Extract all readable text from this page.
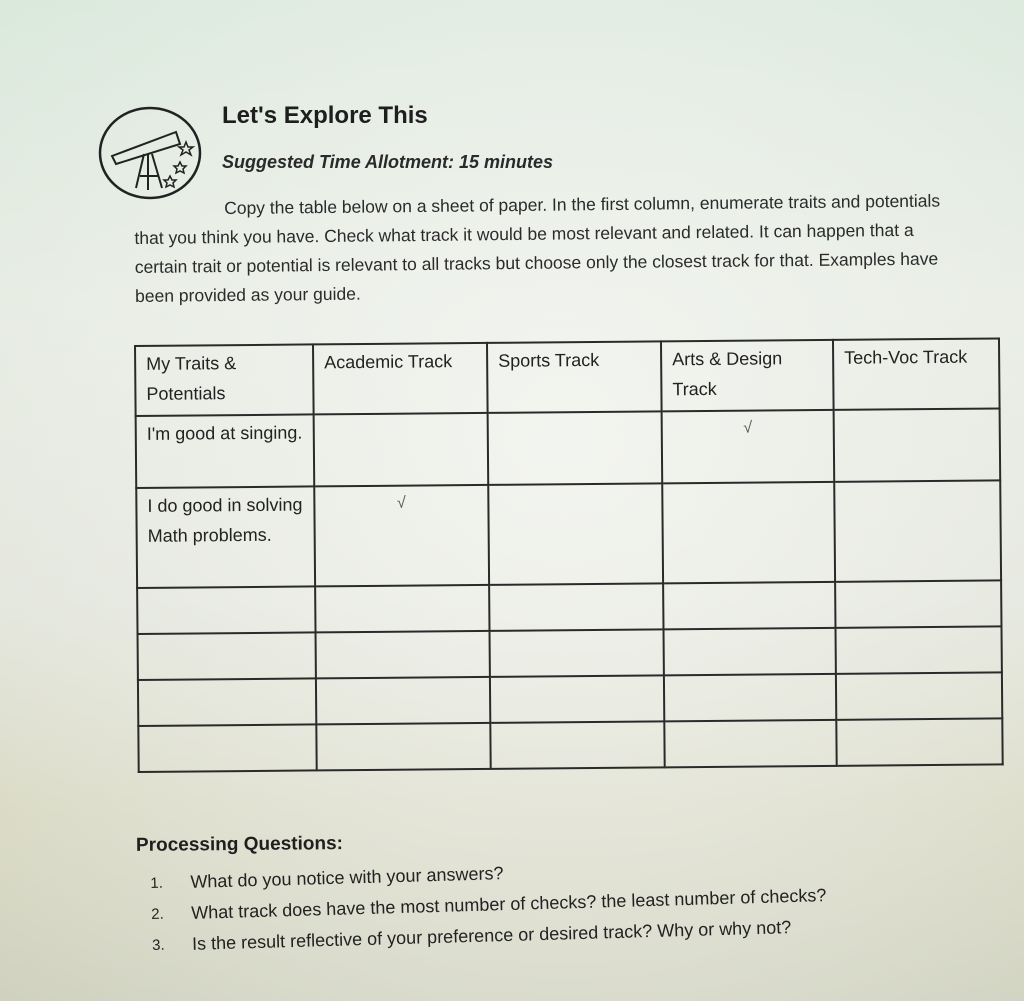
Let's Explore This
Suggested Time Allotment: 15 minutes
Copy the table below on a sheet of paper. In the first column, enumerate traits and potentials that you think you have. Check what track it would be most relevant and related. It can happen that a certain trait or potential is relevant to all tracks but choose only the closest track for that. Examples have been provided as your guide.
My Traits & Potentials	Academic Track	Sports Track	Arts & Design Track	Tech-Voc Track
I'm good at singing.			√	

I do good in solving Math problems.	√			

Processing Questions:
1.	What do you notice with your answers?
2.	What track does have the most number of checks? the least number of checks?
3.	Is the result reflective of your preference or desired track? Why or why not?
